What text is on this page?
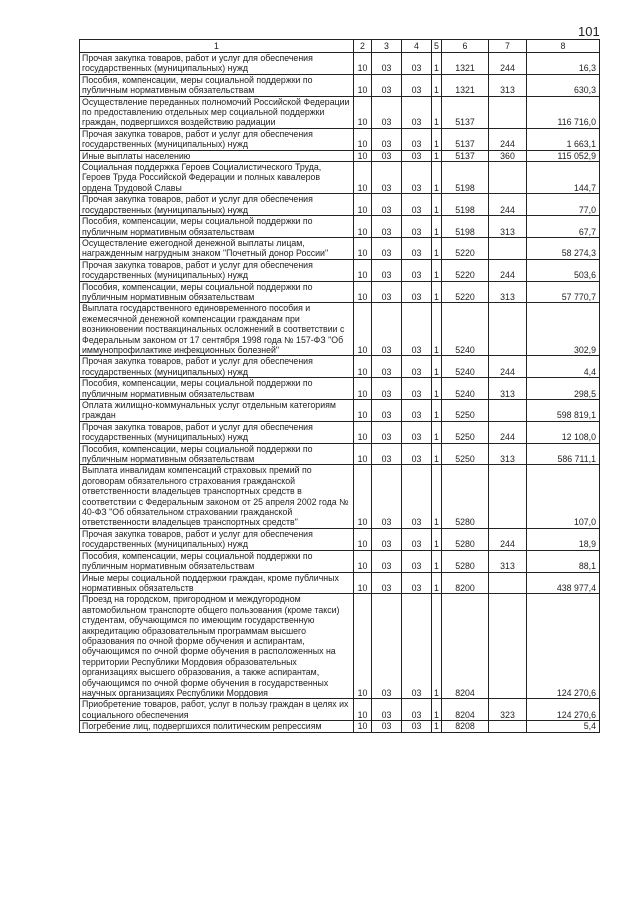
101
1	2	3	4	5	6	7	8
Прочая закупка товаров, работ и услуг для обеспечения государственных (муниципальных) нужд	10	03	03	1	1321	244	16,3
Пособия, компенсации, меры социальной поддержки по публичным нормативным обязательствам	10	03	03	1	1321	313	630,3
Осуществление переданных полномочий Российской Федерации по предоставлению отдельных мер социальной поддержки граждан, подвергшихся воздействию радиации	10	03	03	1	5137		116 716,0
Прочая закупка товаров, работ и услуг для обеспечения государственных (муниципальных) нужд	10	03	03	1	5137	244	1 663,1
Иные выплаты населению	10	03	03	1	5137	360	115 052,9
Социальная поддержка Героев Социалистического Труда, Героев Труда Российской Федерации и полных кавалеров ордена Трудовой Славы	10	03	03	1	5198		144,7
Прочая закупка товаров, работ и услуг для обеспечения государственных (муниципальных) нужд	10	03	03	1	5198	244	77,0
Пособия, компенсации, меры социальной поддержки по публичным нормативным обязательствам	10	03	03	1	5198	313	67,7
Осуществление ежегодной денежной выплаты лицам, награжденным нагрудным знаком "Почетный донор России"	10	03	03	1	5220		58 274,3
Прочая закупка товаров, работ и услуг для обеспечения государственных (муниципальных) нужд	10	03	03	1	5220	244	503,6
Пособия, компенсации, меры социальной поддержки по публичным нормативным обязательствам	10	03	03	1	5220	313	57 770,7
Выплата государственного единовременного пособия и ежемесячной денежной компенсации гражданам при возникновении поствакцинальных осложнений в соответствии с Федеральным законом от 17 сентября 1998 года № 157-ФЗ "Об иммунопрофилактике инфекционных болезней"	10	03	03	1	5240		302,9
Прочая закупка товаров, работ и услуг для обеспечения государственных (муниципальных) нужд	10	03	03	1	5240	244	4,4
Пособия, компенсации, меры социальной поддержки по публичным нормативным обязательствам	10	03	03	1	5240	313	298,5
Оплата жилищно-коммунальных услуг отдельным категориям граждан	10	03	03	1	5250		598 819,1
Прочая закупка товаров, работ и услуг для обеспечения государственных (муниципальных) нужд	10	03	03	1	5250	244	12 108,0
Пособия, компенсации, меры социальной поддержки по публичным нормативным обязательствам	10	03	03	1	5250	313	586 711,1
Выплата инвалидам компенсаций страховых премий по договорам обязательного страхования гражданской ответственности владельцев транспортных средств в соответствии с Федеральным законом от 25 апреля 2002 года № 40-ФЗ "Об обязательном страховании гражданской ответственности владельцев транспортных средств"	10	03	03	1	5280		107,0
Прочая закупка товаров, работ и услуг для обеспечения государственных (муниципальных) нужд	10	03	03	1	5280	244	18,9
Пособия, компенсации, меры социальной поддержки по публичным нормативным обязательствам	10	03	03	1	5280	313	88,1
Иные меры социальной поддержки граждан, кроме публичных нормативных обязательств	10	03	03	1	8200		438 977,4
Проезд на городском, пригородном и междугородном автомобильном транспорте общего пользования (кроме такси) студентам, обучающимся по имеющим государственную аккредитацию образовательным программам высшего образования по очной форме обучения и аспирантам, обучающимся по очной форме обучения в расположенных на территории Республики Мордовия образовательных организациях высшего образования, а также аспирантам, обучающимся по очной форме обучения в государственных научных организациях Республики Мордовия	10	03	03	1	8204		124 270,6
Приобретение товаров, работ, услуг в пользу граждан в целях их социального обеспечения	10	03	03	1	8204	323	124 270,6
Погребение лиц, подвергшихся политическим репрессиям	10	03	03	1	8208		5,4
